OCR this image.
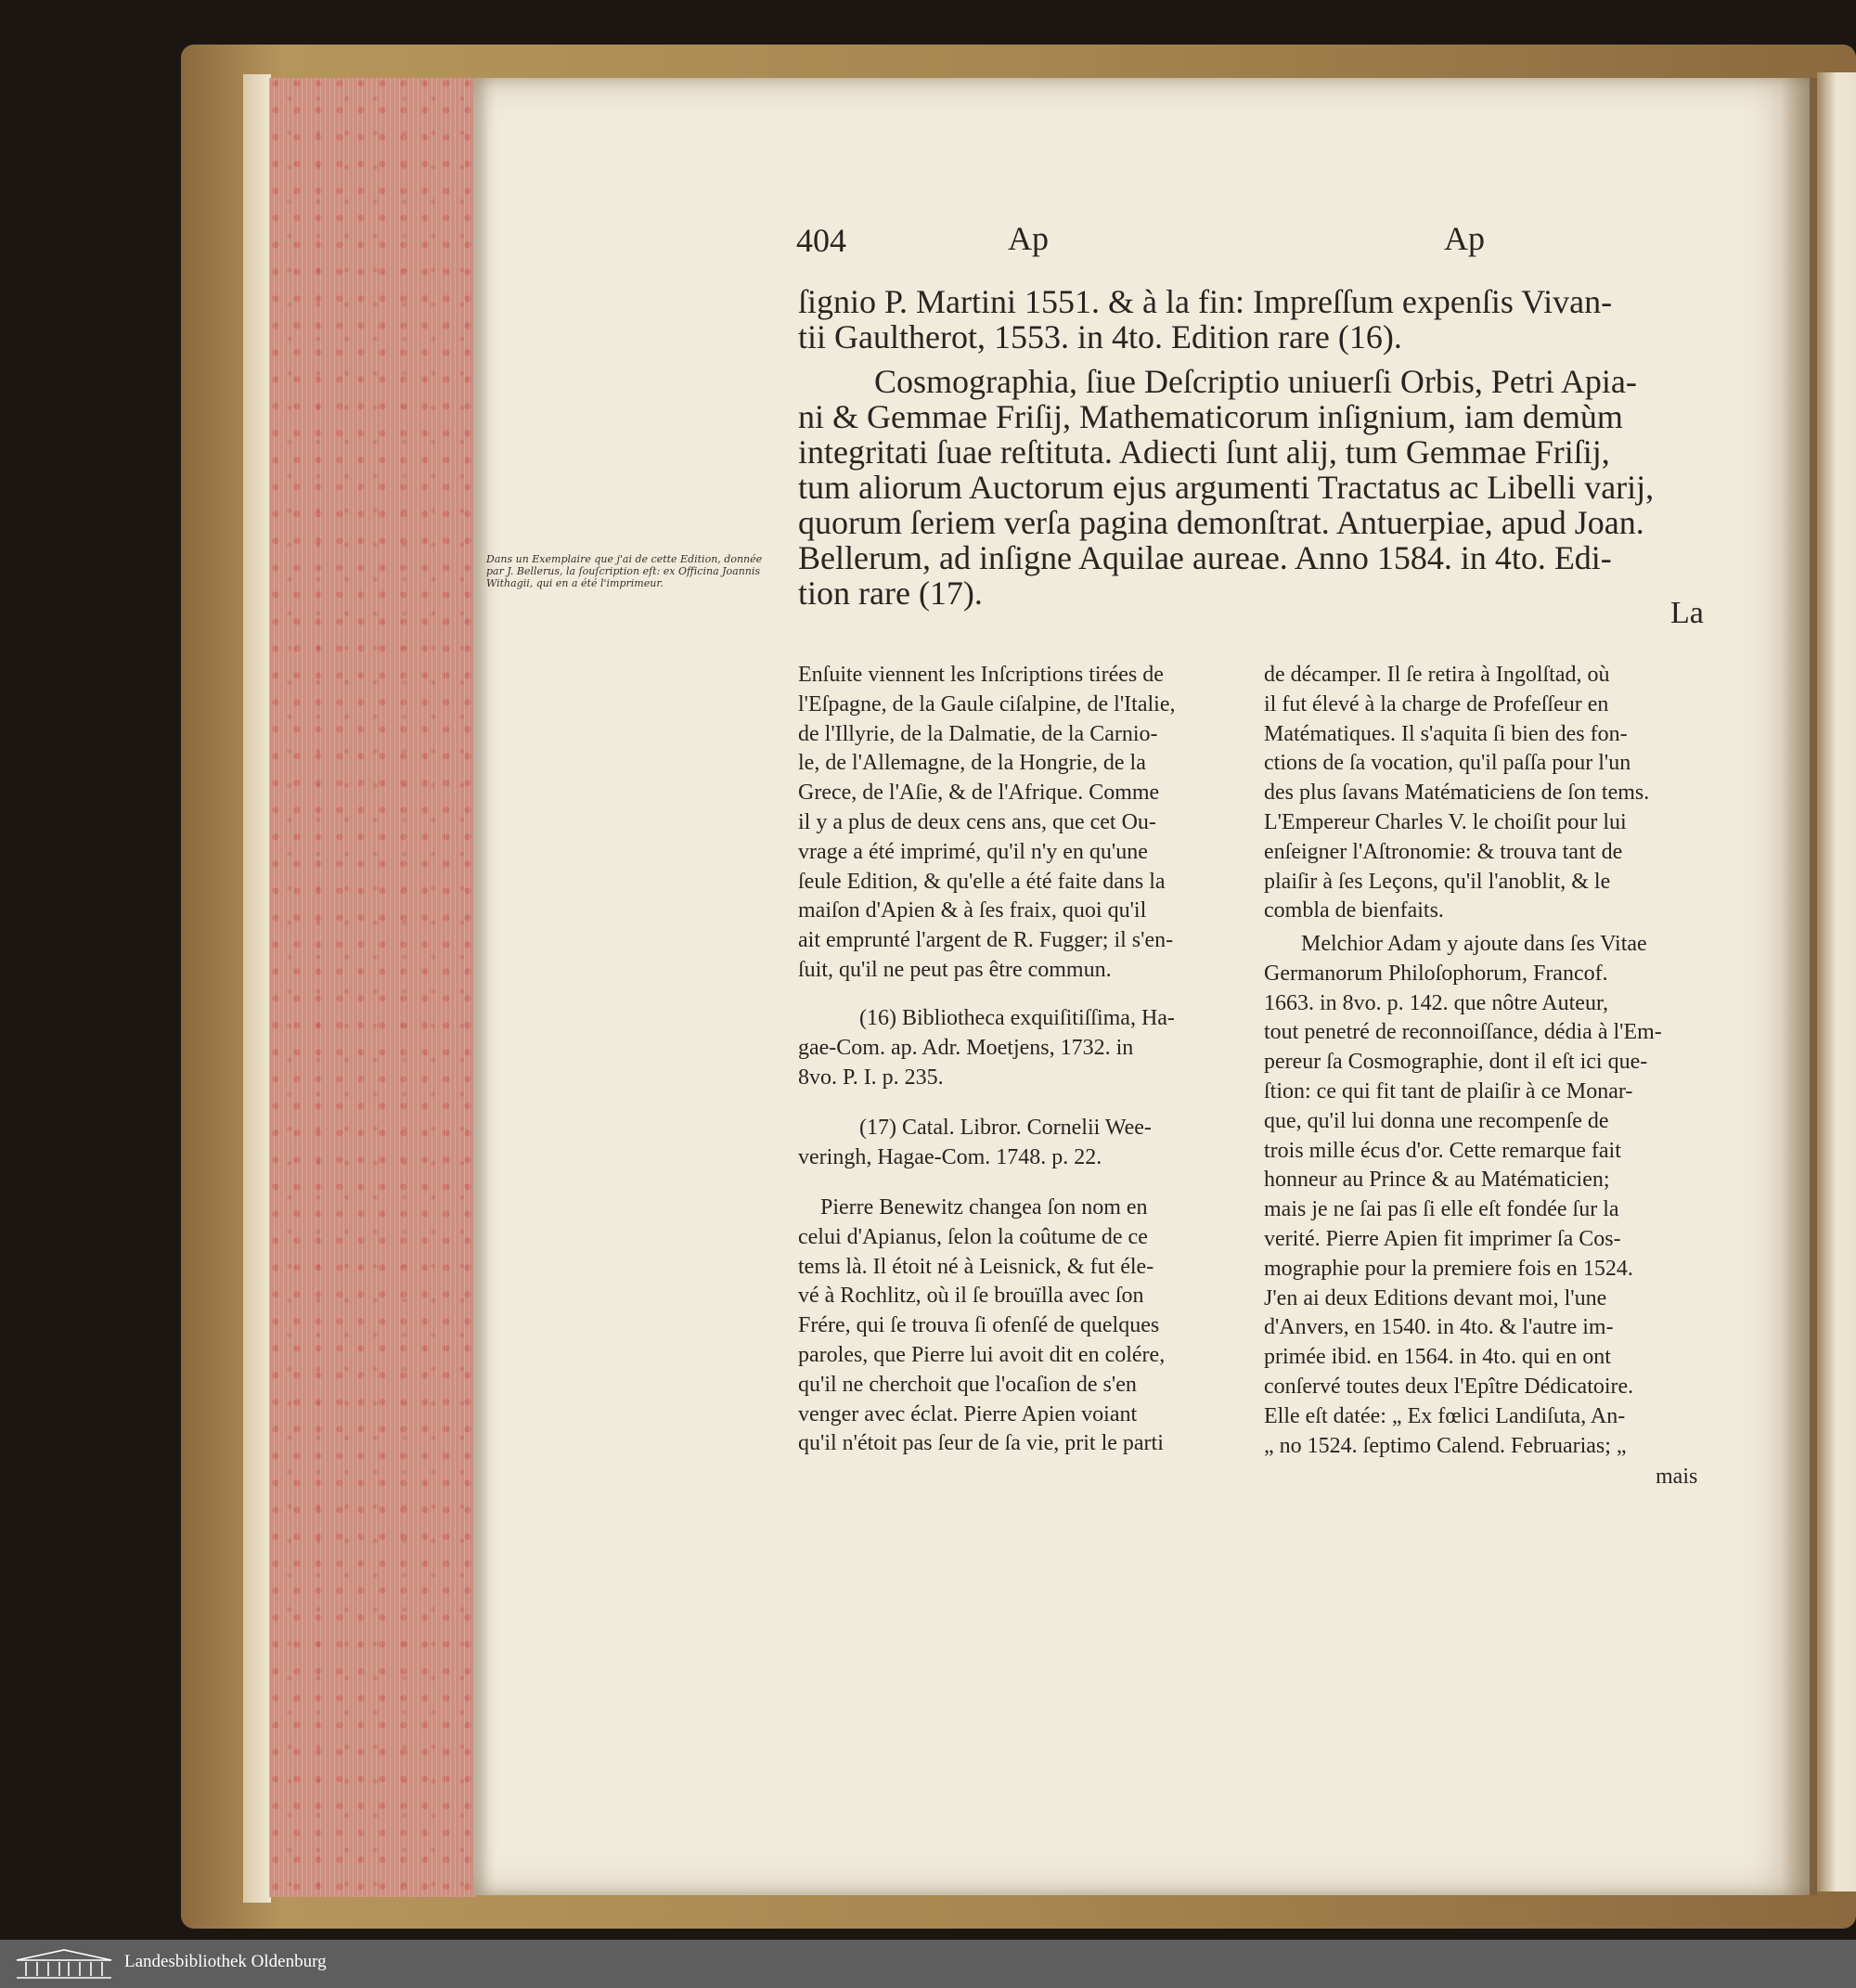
404	Ap	Ap
ſignio P. Martini 1551. & à la fin: Impreſſum expenſis Vivan-
tii Gaultherot, 1553. in 4to. Edition rare (16).
Cosmographia, ſiue Deſcriptio uniuerſi Orbis, Petri Apia-
ni & Gemmae Friſij, Mathematicorum inſignium, iam demùm
integritati ſuae reſtituta. Adiecti ſunt alij, tum Gemmae Friſij,
tum aliorum Auctorum ejus argumenti Tractatus ac Libelli varij,
quorum ſeriem verſa pagina demonſtrat. Antuerpiae, apud Joan.
Bellerum, ad inſigne Aquilae aureae. Anno 1584. in 4to. Edi-
tion rare (17).
La
Dans un Exemplaire que j'ai de cette Edition, donnée
par J. Bellerus, la ſouſcription eſt: ex Officina Joannis
Withagii, qui en a été l'imprimeur.
Enſuite viennent les Inſcriptions tirées de
l'Eſpagne, de la Gaule ciſalpine, de l'Italie,
de l'Illyrie, de la Dalmatie, de la Carnio-
le, de l'Allemagne, de la Hongrie, de la
Grece, de l'Aſie, & de l'Afrique. Comme
il y a plus de deux cens ans, que cet Ou-
vrage a été imprimé, qu'il n'y en qu'une
ſeule Edition, & qu'elle a été faite dans la
maiſon d'Apien & à ſes fraix, quoi qu'il
ait emprunté l'argent de R. Fugger; il s'en-
ſuit, qu'il ne peut pas être commun.
(16) Bibliotheca exquiſitiſſima, Ha-
gae-Com. ap. Adr. Moetjens, 1732. in
8vo. P. I. p. 235.
(17) Catal. Libror. Cornelii Wee-
veringh, Hagae-Com. 1748. p. 22.
Pierre Benewitz changea ſon nom en
celui d'Apianus, ſelon la coûtume de ce
tems là. Il étoit né à Leisnick, & fut éle-
vé à Rochlitz, où il ſe brouïlla avec ſon
Frére, qui ſe trouva ſi ofenſé de quelques
paroles, que Pierre lui avoit dit en colére,
qu'il ne cherchoit que l'ocaſion de s'en
venger avec éclat. Pierre Apien voiant
qu'il n'étoit pas ſeur de ſa vie, prit le parti
de décamper. Il ſe retira à Ingolſtad, où
il fut élevé à la charge de Profeſſeur en
Matématiques. Il s'aquita ſi bien des fon-
ctions de ſa vocation, qu'il paſſa pour l'un
des plus ſavans Matématiciens de ſon tems.
L'Empereur Charles V. le choiſit pour lui
enſeigner l'Aſtronomie: & trouva tant de
plaiſir à ſes Leçons, qu'il l'anoblit, & le
combla de bienfaits.
Melchior Adam y ajoute dans ſes Vitae
Germanorum Philoſophorum, Francof.
1663. in 8vo. p. 142. que nôtre Auteur,
tout penetré de reconnoiſſance, dédia à l'Em-
pereur ſa Cosmographie, dont il eſt ici que-
ſtion: ce qui fit tant de plaiſir à ce Monar-
que, qu'il lui donna une recompenſe de
trois mille écus d'or. Cette remarque fait
honneur au Prince & au Matématicien;
mais je ne ſai pas ſi elle eſt fondée ſur la
verité. Pierre Apien fit imprimer ſa Cos-
mographie pour la premiere fois en 1524.
J'en ai deux Editions devant moi, l'une
d'Anvers, en 1540. in 4to. & l'autre im-
primée ibid. en 1564. in 4to. qui en ont
conſervé toutes deux l'Epître Dédicatoire.
Elle eſt datée: „ Ex fœlici Landiſuta, An-
„ no 1524. ſeptimo Calend. Februarias; „
mais
Landesbibliothek Oldenburg
